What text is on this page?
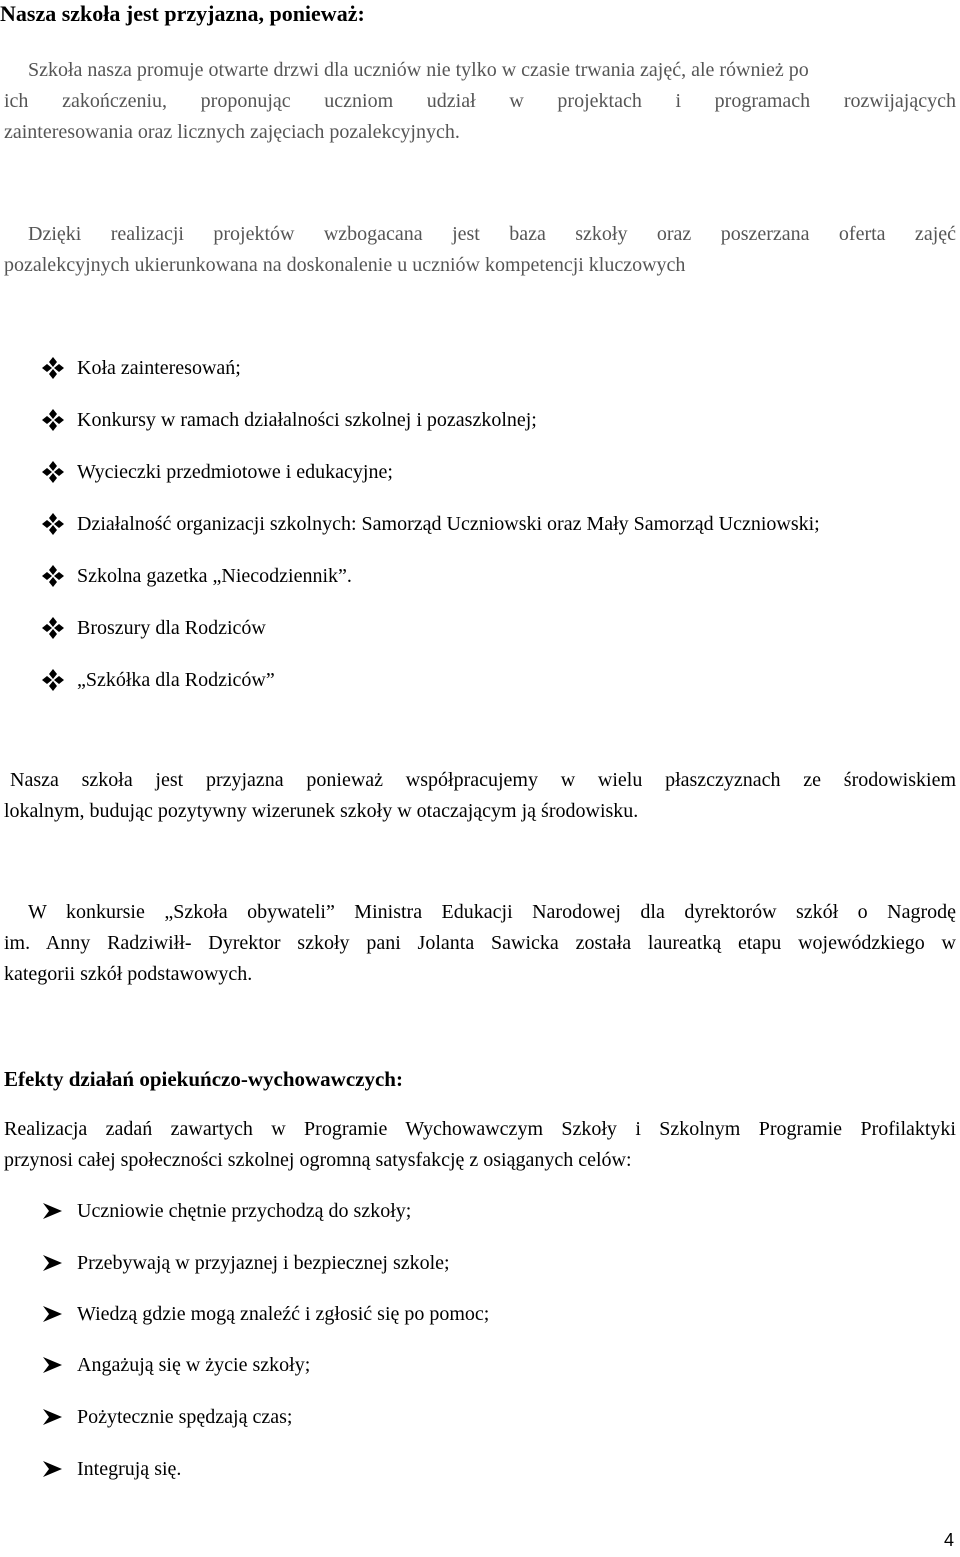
Nasza szkoła jest przyjazna, ponieważ:
Szkoła nasza promuje otwarte drzwi dla uczniów nie tylko w czasie trwania zajęć, ale również po
ich zakończeniu, proponując uczniom udział w projektach i programach rozwijających
zainteresowania oraz licznych zajęciach pozalekcyjnych.
Dzięki realizacji projektów wzbogacana jest baza szkoły oraz poszerzana oferta zajęć
pozalekcyjnych ukierunkowana na doskonalenie u uczniów kompetencji kluczowych
Koła zainteresowań;
Konkursy w ramach działalności szkolnej i pozaszkolnej;
Wycieczki przedmiotowe i edukacyjne;
Działalność organizacji szkolnych: Samorząd Uczniowski oraz Mały Samorząd Uczniowski;
Szkolna gazetka „Niecodziennik”.
Broszury dla Rodziców
„Szkółka dla Rodziców”
Nasza szkoła jest przyjazna ponieważ współpracujemy w wielu płaszczyznach ze środowiskiem
lokalnym, budując pozytywny wizerunek szkoły w otaczającym ją środowisku.
W konkursie „Szkoła obywateli” Ministra Edukacji Narodowej dla dyrektorów szkół o Nagrodę
im. Anny Radziwiłł- Dyrektor szkoły pani Jolanta Sawicka została laureatką etapu wojewódzkiego w
kategorii szkół podstawowych.
Efekty działań opiekuńczo-wychowawczych:
Realizacja zadań zawartych w Programie Wychowawczym Szkoły i Szkolnym Programie Profilaktyki
przynosi całej społeczności szkolnej ogromną satysfakcję z osiąganych celów:
Uczniowie chętnie przychodzą do szkoły;
Przebywają w przyjaznej i bezpiecznej szkole;
Wiedzą gdzie mogą znaleźć i zgłosić się po pomoc;
Angażują się w życie szkoły;
Pożytecznie spędzają czas;
Integrują się.
4
